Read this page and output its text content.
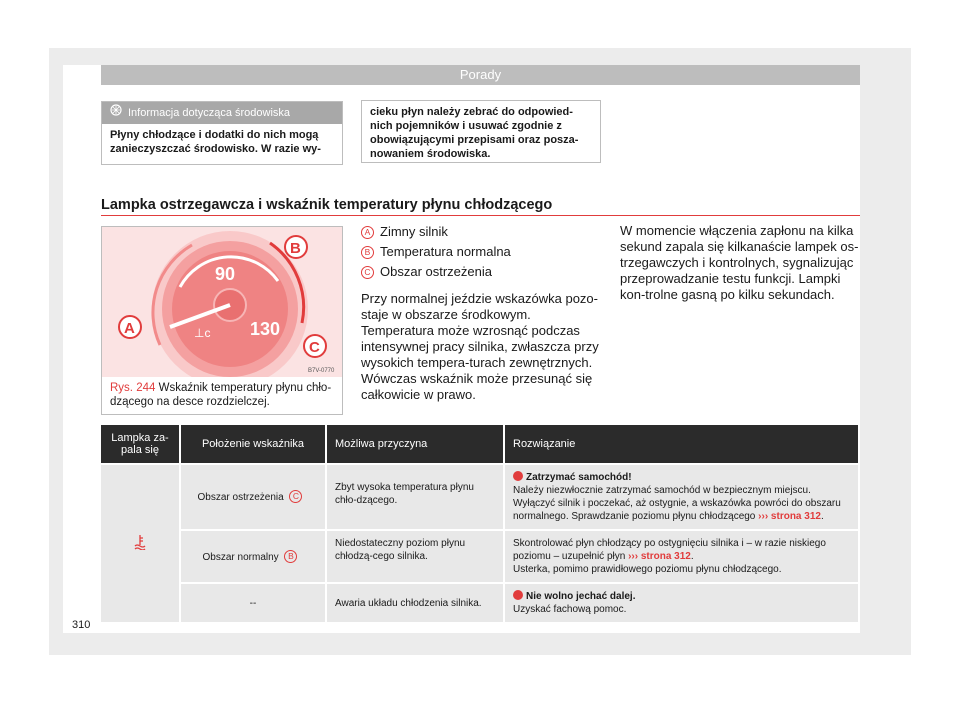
Porady
Informacja dotycząca środowiska
Płyny chłodzące i dodatki do nich mogą zanieczyszczać środowisko. W razie wy-
cieku płyn należy zebrać do odpowied-nich pojemników i usuwać zgodnie z obowiązującymi przepisami oraz posza-nowaniem środowiska.
Lampka ostrzegawcza i wskaźnik temperatury płynu chłodzącego
90
130
⊥c
B
A
C
B7V-0770
Rys. 244 Wskaźnik temperatury płynu chło-dzącego na desce rozdzielczej.
A Zimny silnik
B Temperatura normalna
C Obszar ostrzeżenia
Przy normalnej jeździe wskazówka pozo-staje w obszarze środkowym. Temperatura może wzrosnąć podczas intensywnej pracy silnika, zwłaszcza przy wysokich tempera-turach zewnętrznych. Wówczas wskaźnik może przesunąć się całkowicie w prawo.
W momencie włączenia zapłonu na kilka sekund zapala się kilkanaście lampek os-trzegawczych i kontrolnych, sygnalizując przeprowadzanie testu funkcji. Lampki kon-trolne gasną po kilku sekundach.
Lampka za-pala się	Położenie wskaźnika	Możliwa przyczyna	Rozwiązanie
	Obszar ostrzeżenia C	Zbyt wysoka temperatura płynu chło-dzącego.	Zatrzymać samochód!
Należy niezwłocznie zatrzymać samochód w bezpiecznym miejscu. Wyłączyć silnik i poczekać, aż ostygnie, a wskazówka powróci do obszaru normalnego. Sprawdzanie poziomu płynu chłodzącego ››› strona 312.
	Obszar normalny B	Niedostateczny poziom płynu chłodzą-cego silnika.	Skontrolować płyn chłodzący po ostygnięciu silnika i – w razie niskiego poziomu – uzupełnić płyn ››› strona 312.
Usterka, pomimo prawidłowego poziomu płynu chłodzącego.
	--	Awaria układu chłodzenia silnika.	Nie wolno jechać dalej.
Uzyskać fachową pomoc.
310
